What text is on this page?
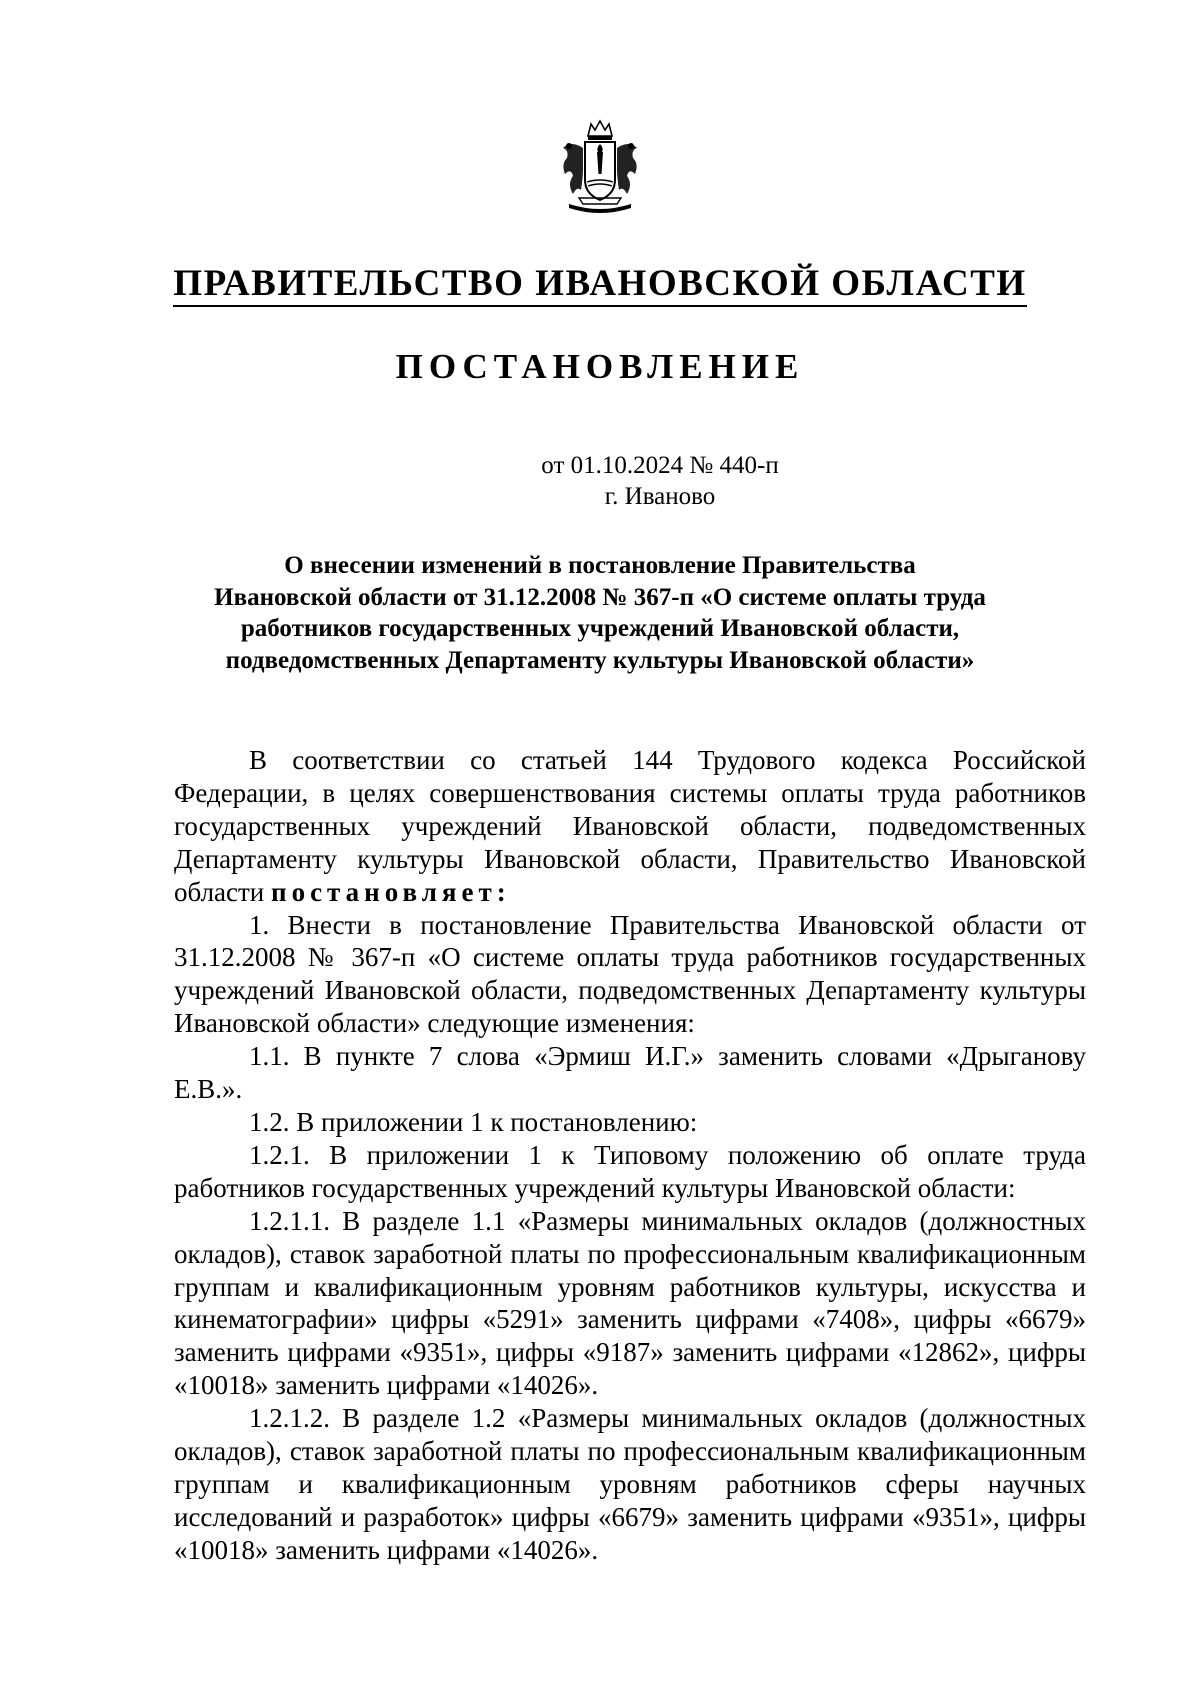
ПРАВИТЕЛЬСТВО ИВАНОВСКОЙ ОБЛАСТИ
ПОСТАНОВЛЕНИЕ
от 01.10.2024 № 440-п
г. Иваново
О внесении изменений в постановление Правительства
Ивановской области от 31.12.2008 № 367-п «О системе оплаты труда
работников государственных учреждений Ивановской области,
подведомственных Департаменту культуры Ивановской области»

В соответствии со статьей 144 Трудового кодекса Российской Федерации, в целях совершенствования системы оплаты труда работников государственных учреждений Ивановской области, подведомственных Департаменту культуры Ивановской области, Правительство Ивановской области постановляет:

1. Внести в постановление Правительства Ивановской области от 31.12.2008 № 367-п «О системе оплаты труда работников государственных учреждений Ивановской области, подведомственных Департаменту культуры Ивановской области» следующие изменения:

1.1. В пункте 7 слова «Эрмиш И.Г.» заменить словами «Дрыганову Е.В.».

1.2. В приложении 1 к постановлению:

1.2.1. В приложении 1 к Типовому положению об оплате труда работников государственных учреждений культуры Ивановской области:

1.2.1.1. В разделе 1.1 «Размеры минимальных окладов (должностных окладов), ставок заработной платы по профессиональным квалификационным группам и квалификационным уровням работников культуры, искусства и кинематографии» цифры «5291» заменить цифрами «7408», цифры «6679» заменить цифрами «9351», цифры «9187» заменить цифрами «12862», цифры «10018» заменить цифрами «14026».

1.2.1.2. В разделе 1.2 «Размеры минимальных окладов (должностных окладов), ставок заработной платы по профессиональным квалификационным группам и квалификационным уровням работников сферы научных исследований и разработок» цифры «6679» заменить цифрами «9351», цифры «10018» заменить цифрами «14026».
